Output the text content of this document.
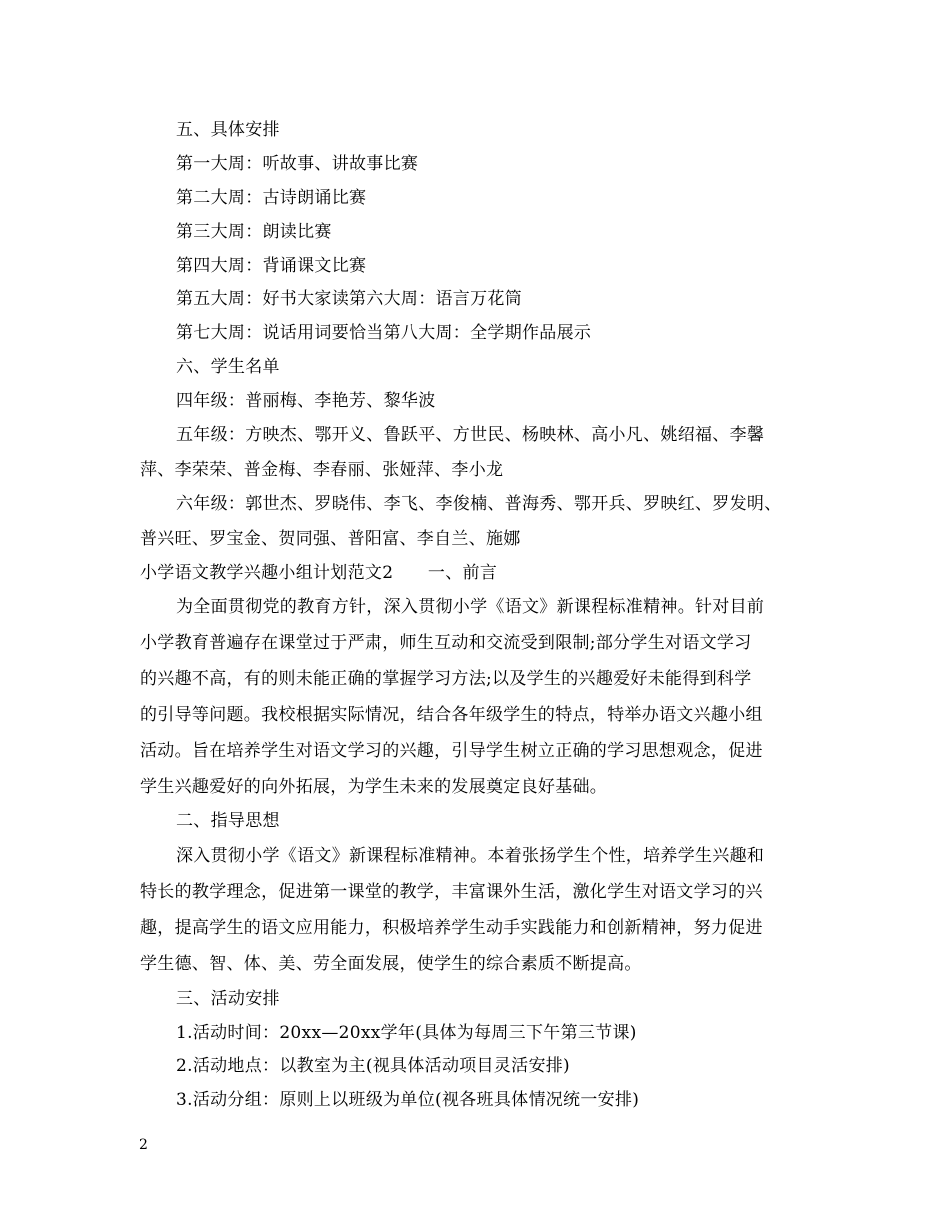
五、具体安排
第一大周：听故事、讲故事比赛
第二大周：古诗朗诵比赛
第三大周：朗读比赛
第四大周：背诵课文比赛
第五大周：好书大家读第六大周：语言万花筒
第七大周：说话用词要恰当第八大周：全学期作品展示
六、学生名单
四年级：普丽梅、李艳芳、黎华波
五年级：方映杰、鄂开义、鲁跃平、方世民、杨映林、高小凡、姚绍福、李馨
萍、李荣荣、普金梅、李春丽、张娅萍、李小龙
六年级：郭世杰、罗晓伟、李飞、李俊楠、普海秀、鄂开兵、罗映红、罗发明、
普兴旺、罗宝金、贺同强、普阳富、李自兰、施娜
小学语文教学兴趣小组计划范文2　　一、前言
为全面贯彻党的教育方针，深入贯彻小学《语文》新课程标准精神。针对目前
小学教育普遍存在课堂过于严肃，师生互动和交流受到限制;部分学生对语文学习
的兴趣不高，有的则未能正确的掌握学习方法;以及学生的兴趣爱好未能得到科学
的引导等问题。我校根据实际情况，结合各年级学生的特点，特举办语文兴趣小组
活动。旨在培养学生对语文学习的兴趣，引导学生树立正确的学习思想观念，促进
学生兴趣爱好的向外拓展，为学生未来的发展奠定良好基础。
二、指导思想
深入贯彻小学《语文》新课程标准精神。本着张扬学生个性，培养学生兴趣和
特长的教学理念，促进第一课堂的教学，丰富课外生活，激化学生对语文学习的兴
趣，提高学生的语文应用能力，积极培养学生动手实践能力和创新精神，努力促进
学生德、智、体、美、劳全面发展，使学生的综合素质不断提高。
三、活动安排
1.活动时间：20xx—20xx学年(具体为每周三下午第三节课)
2.活动地点：以教室为主(视具体活动项目灵活安排)
3.活动分组：原则上以班级为单位(视各班具体情况统一安排)
2
